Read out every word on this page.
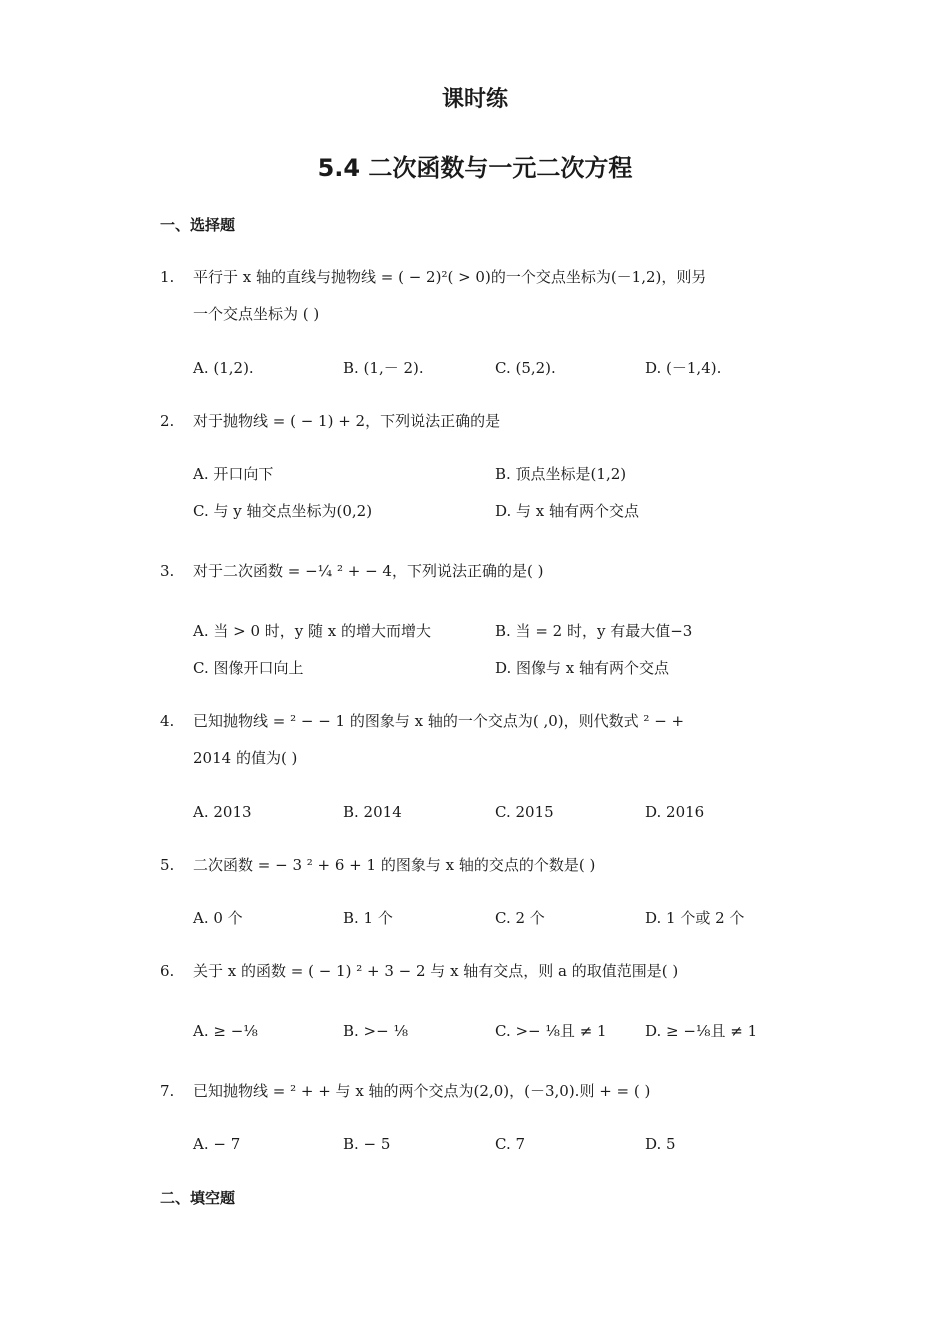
课时练
5.4 二次函数与一元二次方程
一、选择题
1.	平行于 x 轴的直线与抛物线 = ( − 2)²( > 0)的一个交点坐标为(－1,2)，则另
一个交点坐标为 ( )
A. (1,2).	B. (1,－ 2).	C. (5,2).	D. (－1,4).
2.	对于抛物线 = ( − 1) + 2，下列说法正确的是
A. 开口向下	B. 顶点坐标是(1,2)
C. 与 y 轴交点坐标为(0,2)	D. 与 x 轴有两个交点
3.	对于二次函数 = −¼ ² + − 4，下列说法正确的是( )
A. 当 > 0 时，y 随 x 的增大而增大	B. 当 = 2 时，y 有最大值−3
C. 图像开口向上	D. 图像与 x 轴有两个交点
4.	已知抛物线 = ² − − 1 的图象与 x 轴的一个交点为( ,0)，则代数式 ² − +
2014 的值为( )
A. 2013	B. 2014	C. 2015	D. 2016
5.	二次函数 = − 3 ² + 6 + 1 的图象与 x 轴的交点的个数是( )
A. 0 个	B. 1 个	C. 2 个	D. 1 个或 2 个
6.	关于 x 的函数 = ( − 1) ² + 3 − 2 与 x 轴有交点，则 a 的取值范围是( )
A. ≥ −⅛	B. >− ⅛	C. >− ⅛且 ≠ 1	D. ≥ −⅛且 ≠ 1
7.	已知抛物线 = ² + + 与 x 轴的两个交点为(2,0)，(－3,0).则 + = ( )
A. − 7	B. − 5	C. 7	D. 5
二、填空题
